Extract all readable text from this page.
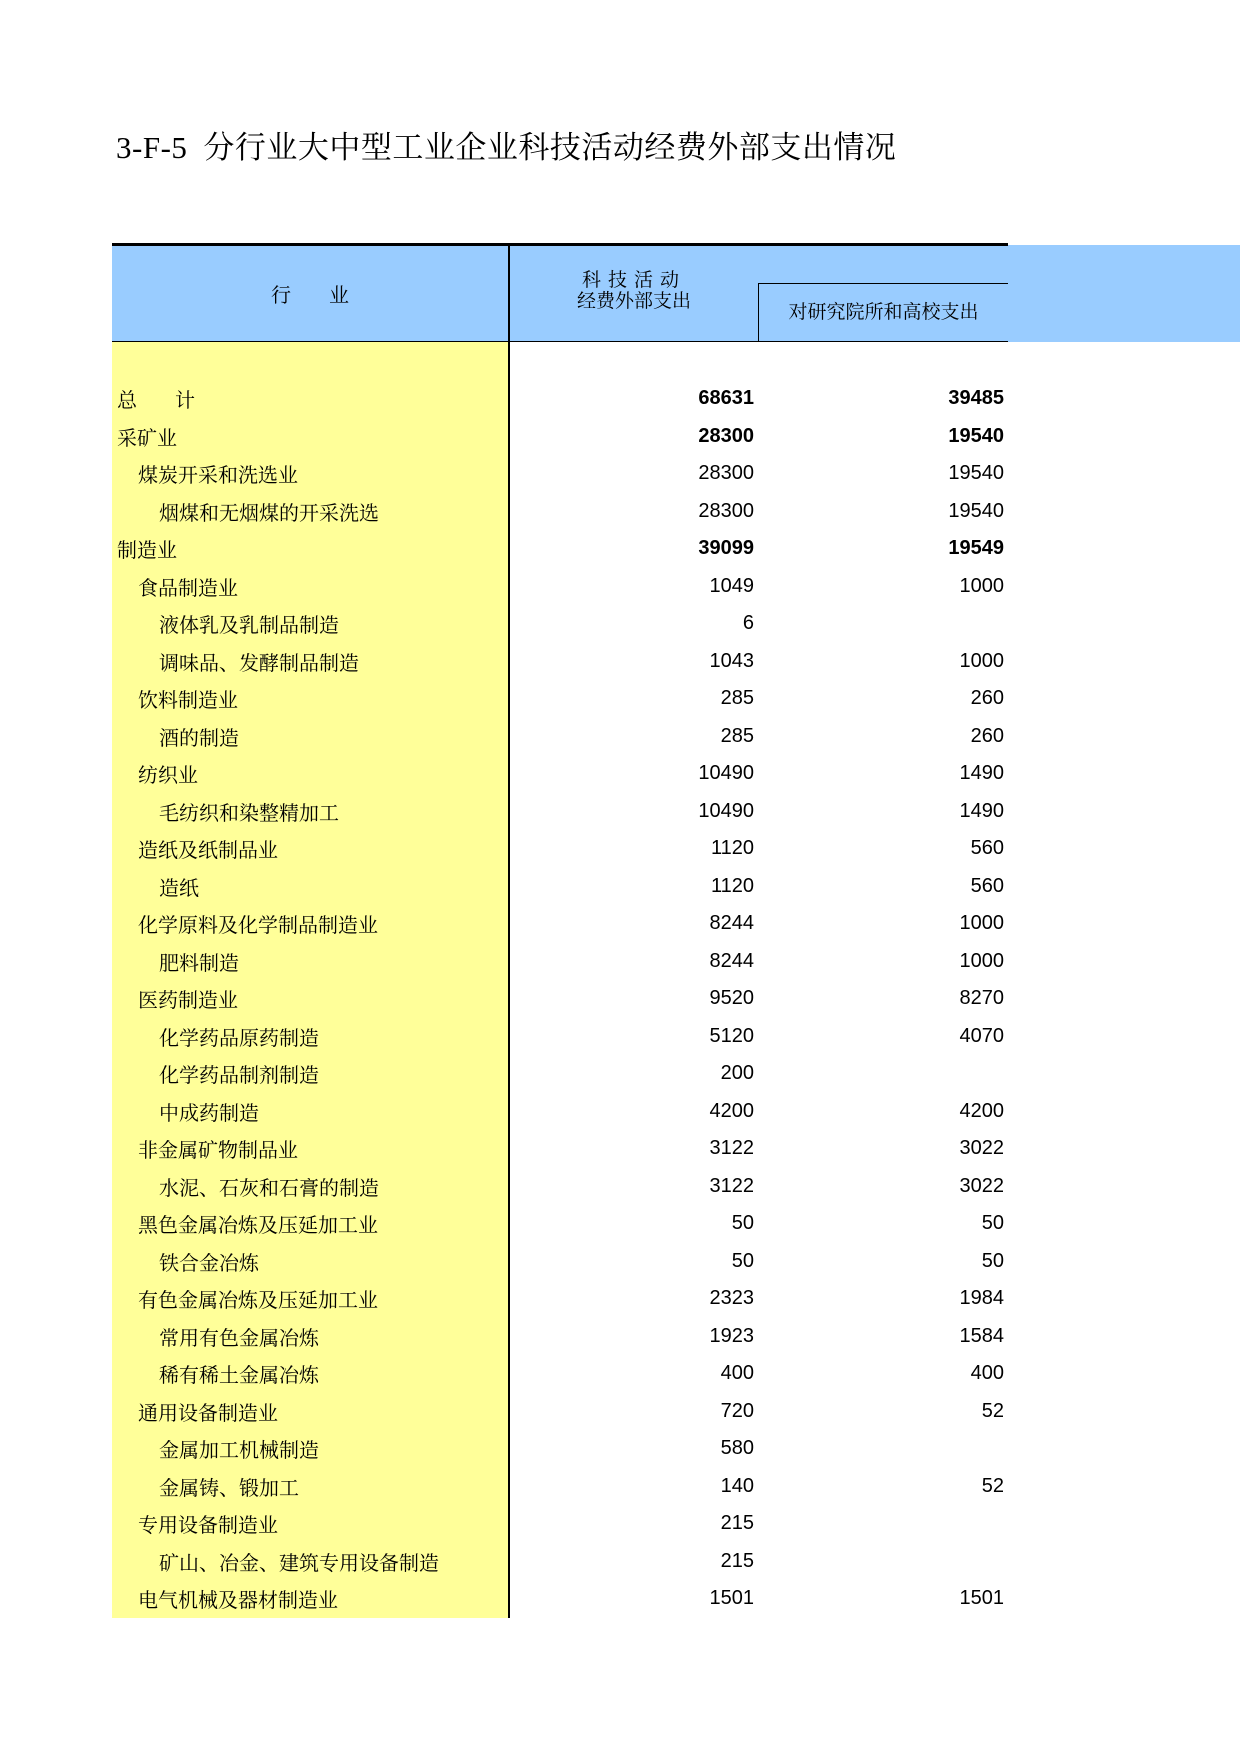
3-F-5 分行业大中型工业企业科技活动经费外部支出情况
行业
科技活动
经费外部支出	对研究院所和高校支出
总计	68631	39485
采矿业	28300	19540
煤炭开采和洗选业	28300	19540
烟煤和无烟煤的开采洗选	28300	19540
制造业	39099	19549
食品制造业	1049	1000
液体乳及乳制品制造	6
调味品、发酵制品制造	1043	1000
饮料制造业	285	260
酒的制造	285	260
纺织业	10490	1490
毛纺织和染整精加工	10490	1490
造纸及纸制品业	1120	560
造纸	1120	560
化学原料及化学制品制造业	8244	1000
肥料制造	8244	1000
医药制造业	9520	8270
化学药品原药制造	5120	4070
化学药品制剂制造	200
中成药制造	4200	4200
非金属矿物制品业	3122	3022
水泥、石灰和石膏的制造	3122	3022
黑色金属冶炼及压延加工业	50	50
铁合金冶炼	50	50
有色金属冶炼及压延加工业	2323	1984
常用有色金属冶炼	1923	1584
稀有稀土金属冶炼	400	400
通用设备制造业	720	52
金属加工机械制造	580
金属铸、锻加工	140	52
专用设备制造业	215
矿山、冶金、建筑专用设备制造	215
电气机械及器材制造业	1501	1501
